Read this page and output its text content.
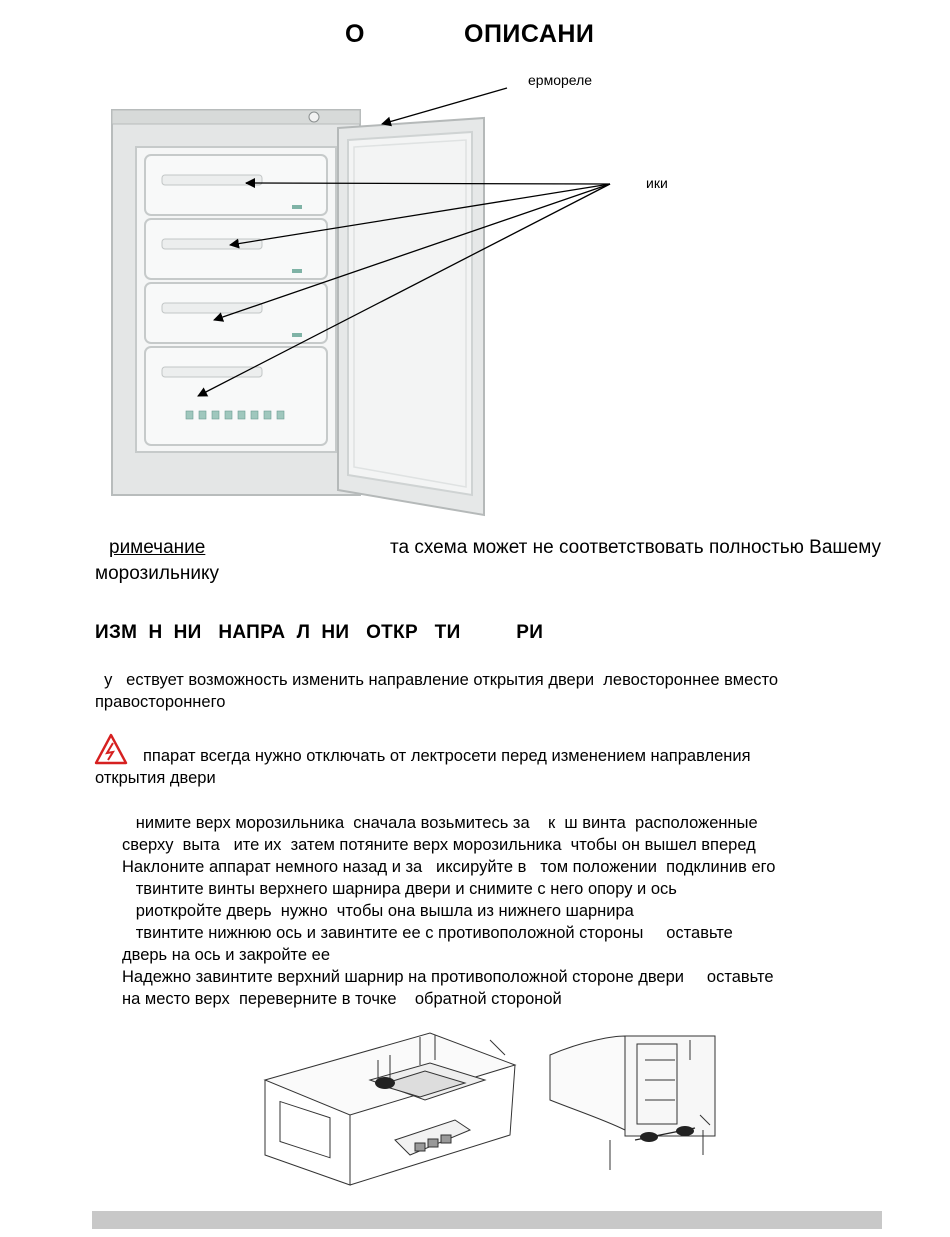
О	ОПИСАНИ
ермореле
ики
римечание	та схема может не соответствовать полностью Вашему
морозильнику
ИЗМ  Н  НИ   НАПРА  Л  НИ   ОТКР   ТИ          РИ
у   ествует возможность изменить направление открытия двери  левостороннее вместо
правостороннего
ппарат всегда нужно отключать от лектросети перед изменением направления
открытия двери
нимите верх морозильника  сначала возьмитесь за    к  ш винта  расположенные
сверху  выта   ите их  затем потяните верх морозильника  чтобы он вышел вперед
Наклоните аппарат немного назад и за   иксируйте в   том положении  подклинив его
твинтите винты верхнего шарнира двери и снимите с него опору и ось
риоткройте дверь  нужно  чтобы она вышла из нижнего шарнира
твинтите нижнюю ось и завинтите ее с противоположной стороны     оставьте
дверь на ось и закройте ее
Надежно завинтите верхний шарнир на противоположной стороне двери     оставьте
на место верх  переверните в точке    обратной стороной
